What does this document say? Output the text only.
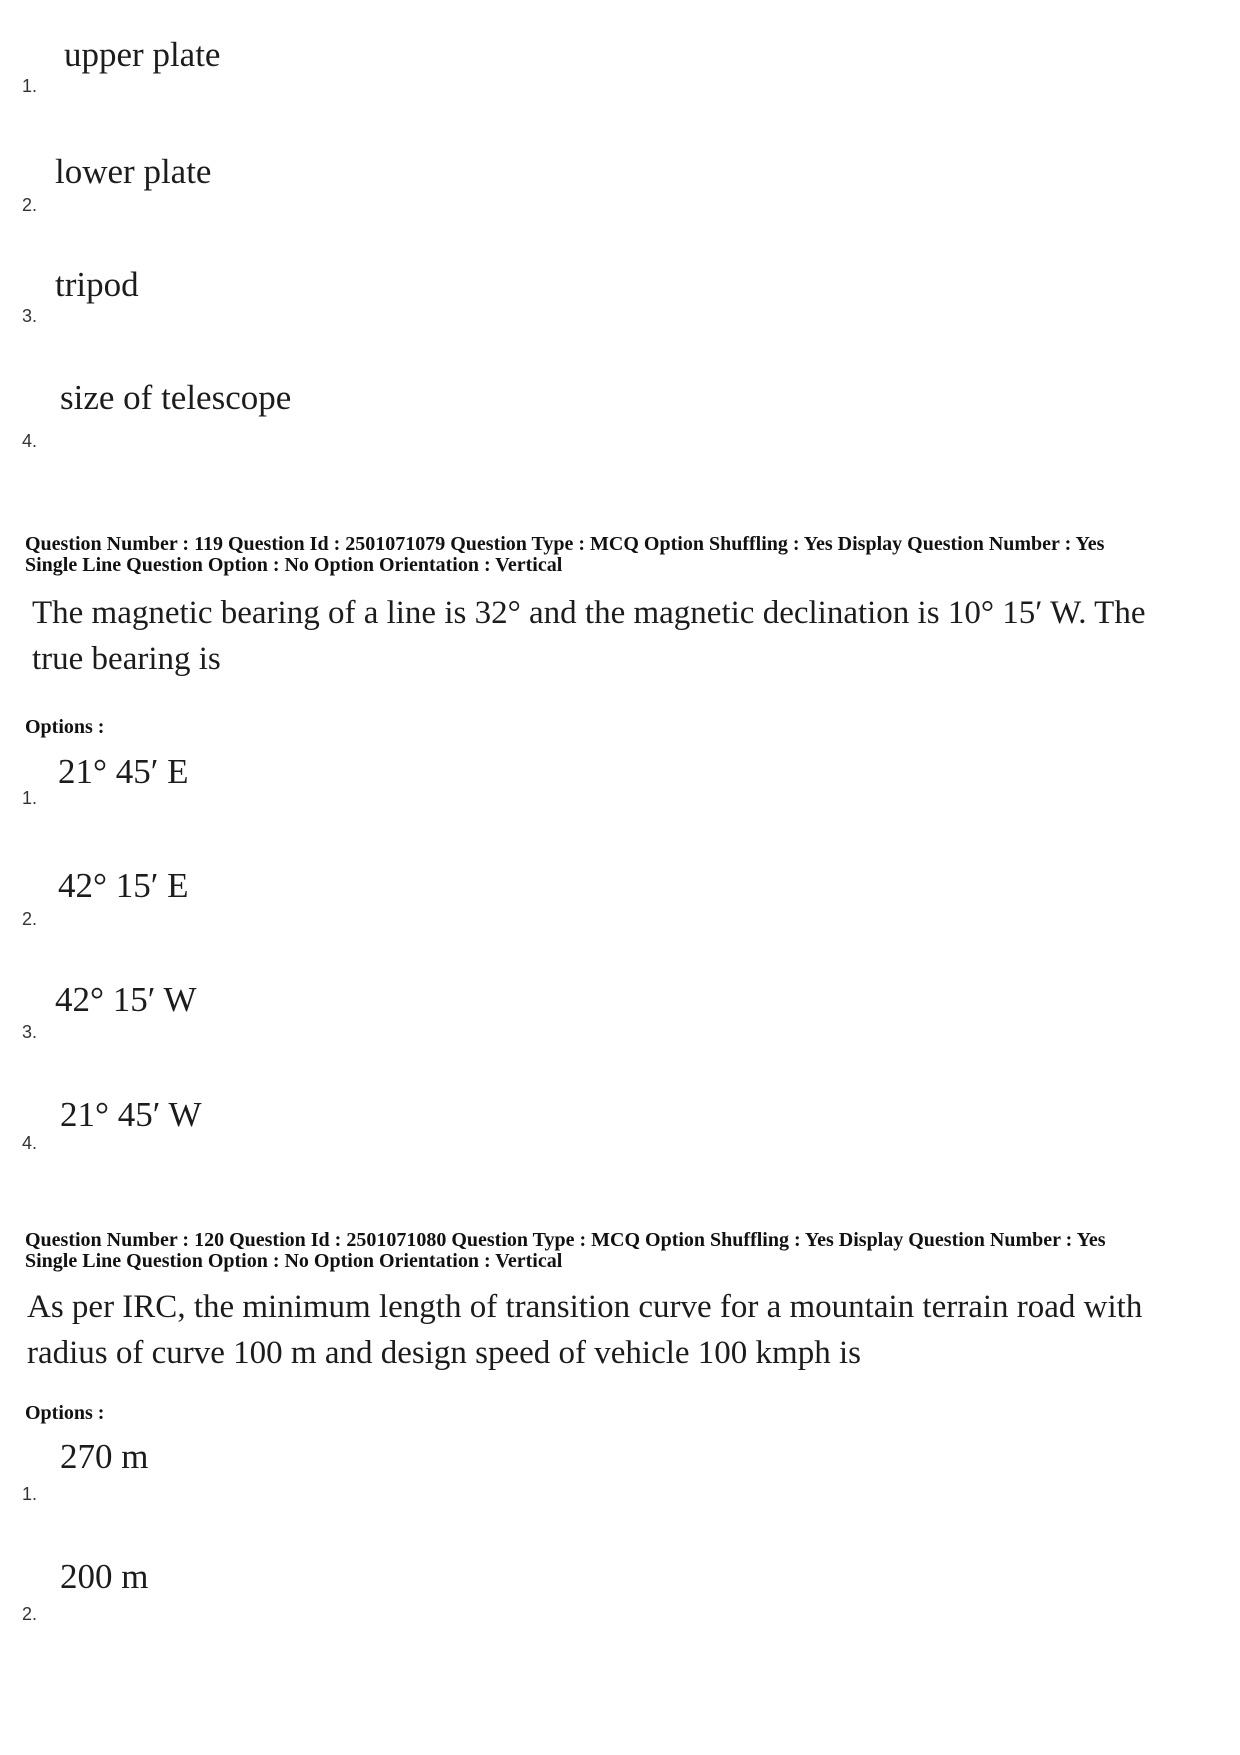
upper plate
1.
lower plate
2.
tripod
3.
size of telescope
4.
Question Number : 119 Question Id : 2501071079 Question Type : MCQ Option Shuffling : Yes Display Question Number : Yes
Single Line Question Option : No Option Orientation : Vertical
The magnetic bearing of a line is 32° and the magnetic declination is 10° 15′ W. The
true bearing is
Options :
21° 45′ E
1.
42° 15′ E
2.
42° 15′ W
3.
21° 45′ W
4.
Question Number : 120 Question Id : 2501071080 Question Type : MCQ Option Shuffling : Yes Display Question Number : Yes
Single Line Question Option : No Option Orientation : Vertical
As per IRC, the minimum length of transition curve for a mountain terrain road with
radius of curve 100 m and design speed of vehicle 100 kmph is
Options :
270 m
1.
200 m
2.
